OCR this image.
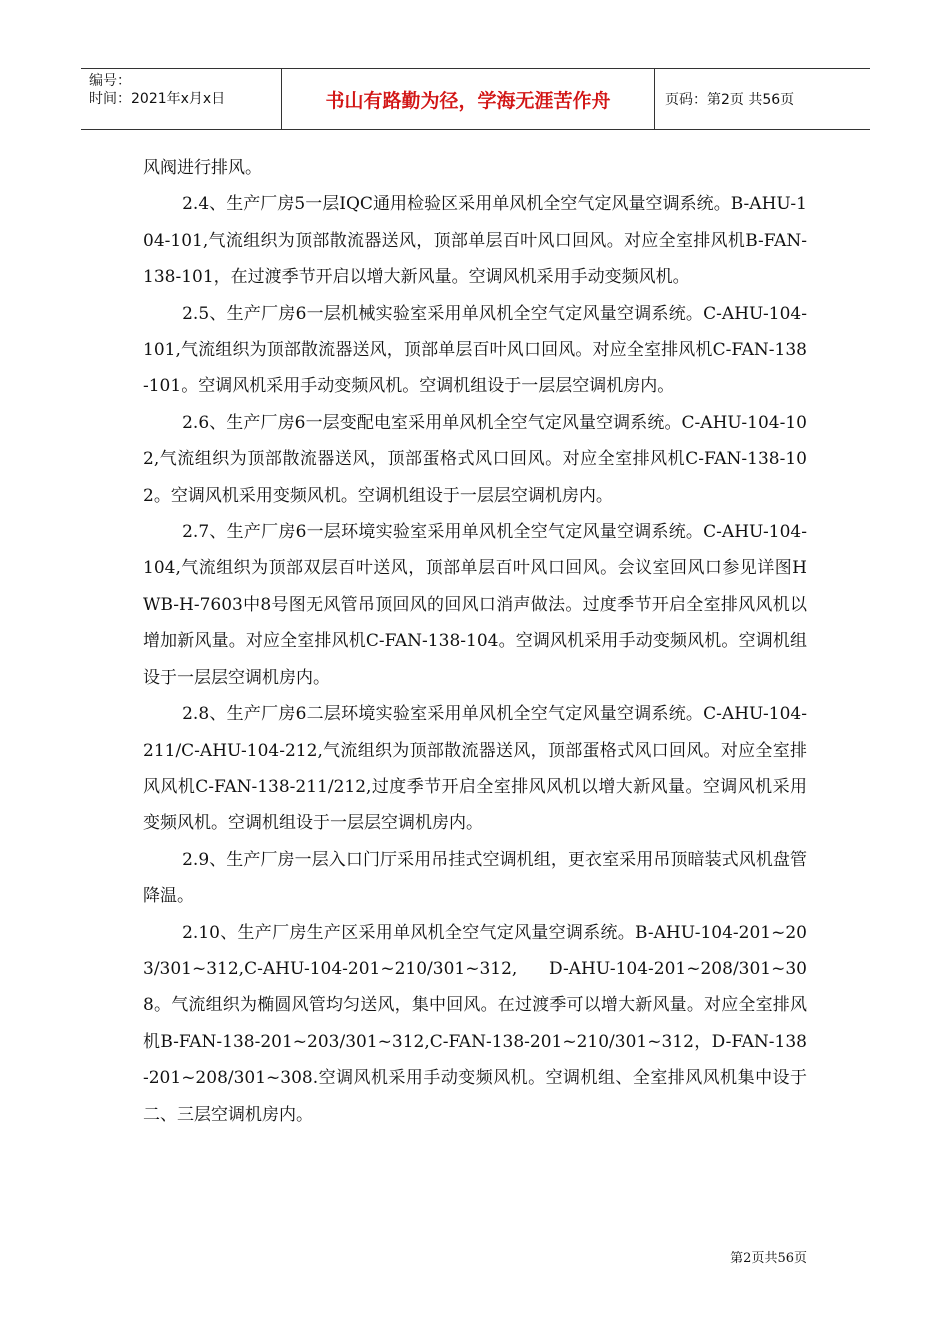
编号：
时间：2021年x月x日	书山有路勤为径，学海无涯苦作舟	页码：第2页 共56页

风阀进行排风。

2.4、生产厂房5一层IQC通用检验区采用单风机全空气定风量空调系统。B-AHU-104-101,气流组织为顶部散流器送风，顶部单层百叶风口回风。对应全室排风机B-FAN-138-101，在过渡季节开启以增大新风量。空调风机采用手动变频风机。

2.5、生产厂房6一层机械实验室采用单风机全空气定风量空调系统。C-AHU-104-101,气流组织为顶部散流器送风，顶部单层百叶风口回风。对应全室排风机C-FAN-138-101。空调风机采用手动变频风机。空调机组设于一层层空调机房内。

2.6、生产厂房6一层变配电室采用单风机全空气定风量空调系统。C-AHU-104-102,气流组织为顶部散流器送风，顶部蛋格式风口回风。对应全室排风机C-FAN-138-102。空调风机采用变频风机。空调机组设于一层层空调机房内。

2.7、生产厂房6一层环境实验室采用单风机全空气定风量空调系统。C-AHU-104-104,气流组织为顶部双层百叶送风，顶部单层百叶风口回风。会议室回风口参见详图HWB-H-7603中8号图无风管吊顶回风的回风口消声做法。过度季节开启全室排风风机以增加新风量。对应全室排风机C-FAN-138-104。空调风机采用手动变频风机。空调机组设于一层层空调机房内。

2.8、生产厂房6二层环境实验室采用单风机全空气定风量空调系统。C-AHU-104-211/C-AHU-104-212,气流组织为顶部散流器送风，顶部蛋格式风口回风。对应全室排风风机C-FAN-138-211/212,过度季节开启全室排风风机以增大新风量。空调风机采用变频风机。空调机组设于一层层空调机房内。

2.9、生产厂房一层入口门厅采用吊挂式空调机组，更衣室采用吊顶暗装式风机盘管降温。

2.10、生产厂房生产区采用单风机全空气定风量空调系统。B-AHU-104-201~203/301~312,C-AHU-104-201~210/301~312, D-AHU-104-201~208/301~308。气流组织为椭圆风管均匀送风，集中回风。在过渡季可以增大新风量。对应全室排风机B-FAN-138-201~203/301~312,C-FAN-138-201~210/301~312，D-FAN-138-201~208/301~308.空调风机采用手动变频风机。空调机组、全室排风风机集中设于二、三层空调机房内。

第2页共56页
